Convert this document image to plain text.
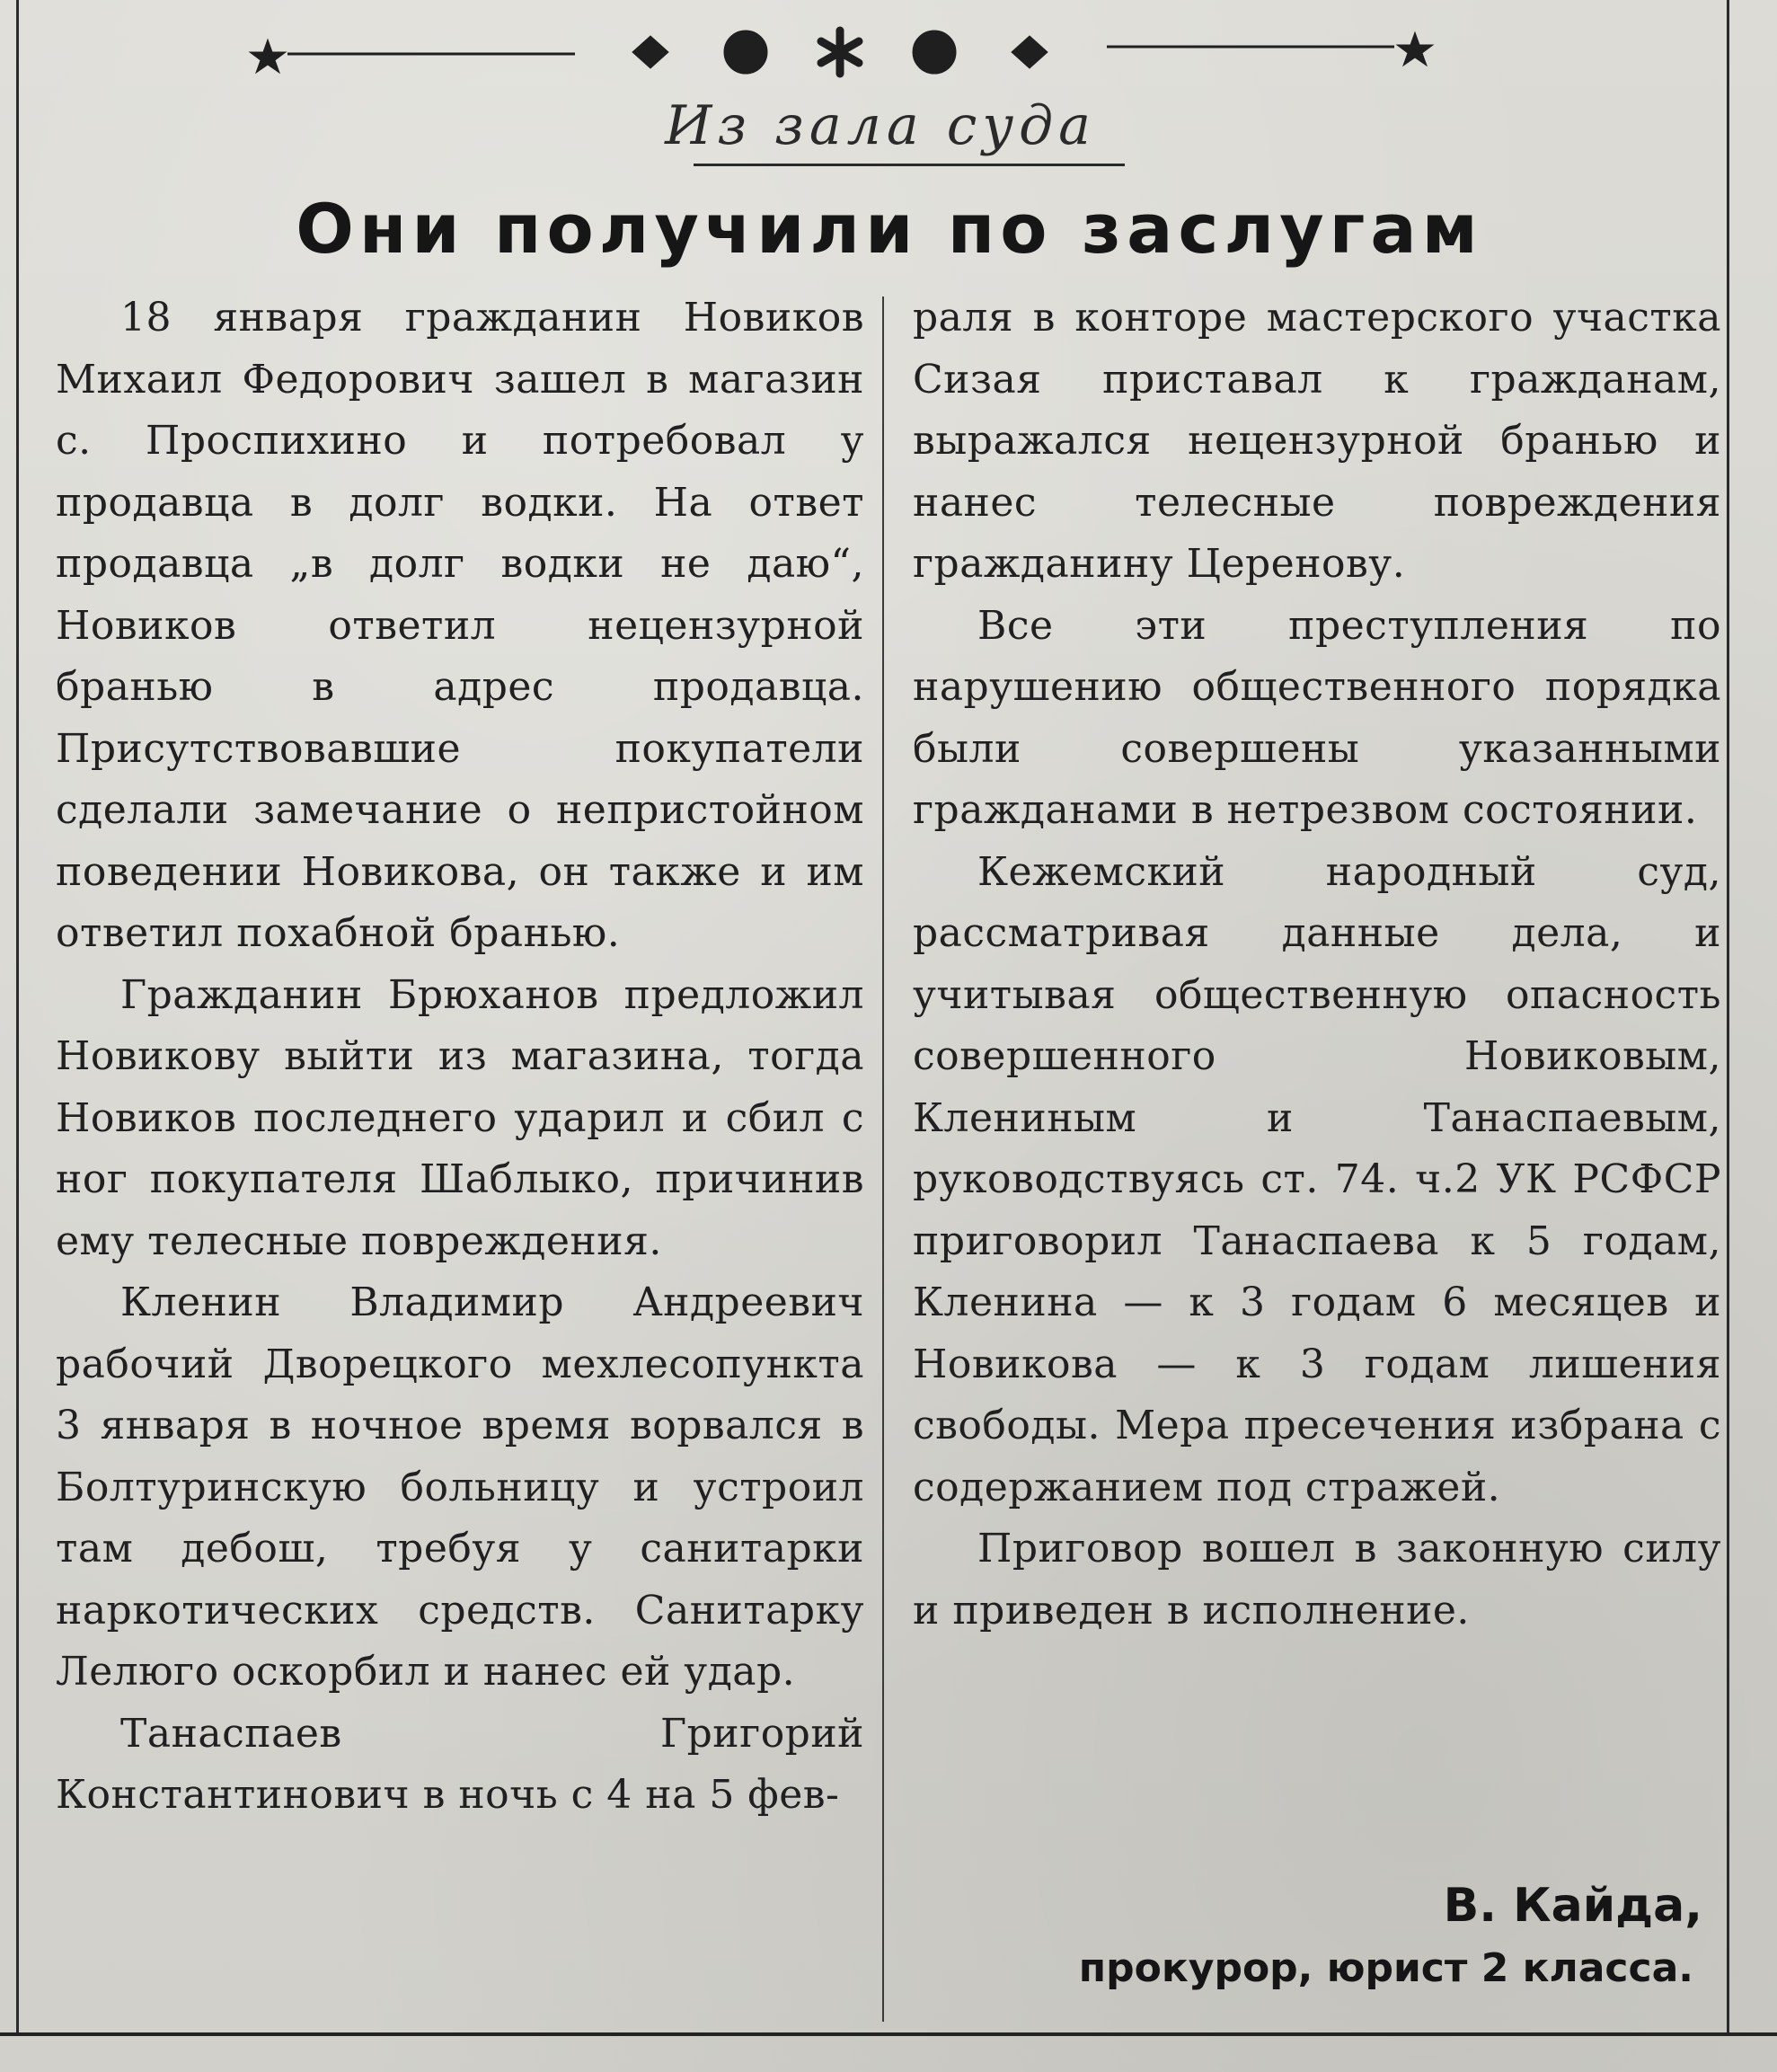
Из зала суда
Они получили по заслугам

18 января гражданин Новиков Михаил Федорович зашел в магазин с. Проспихино и потребовал у продавца в долг водки. На ответ продавца „в долг водки не даю“, Новиков ответил нецензурной бранью в адрес продавца. Присутствовавшие покупатели сделали замечание о непристойном поведении Новикова, он также и им ответил похабной бранью.

Гражданин Брюханов предложил Новикову выйти из магазина, тогда Новиков последнего ударил и сбил с ног покупателя Шаблыко, причинив ему телесные повреждения.

Кленин Владимир Андреевич рабочий Дворецкого мехлесопункта 3 января в ночное время ворвался в Болтуринскую больницу и устроил там дебош, требуя у санитарки наркотических средств. Санитарку Лелюго оскорбил и нанес ей удар.

Танаспаев Григорий Константинович в ночь с 4 на 5 фев-

раля в конторе мастерского участка Сизая приставал к гражданам, выражался нецензурной бранью и нанес телесные повреждения гражданину Церенову.

Все эти преступления по нарушению общественного порядка были совершены указанными гражданами в нетрезвом состоянии.

Кежемский народный суд, рассматривая данные дела, и учитывая общественную опасность совершенного Новиковым, Клениным и Танаспаевым, руководствуясь ст. 74. ч.2 УК РСФСР приговорил Танаспаева к 5 годам, Кленина — к 3 годам 6 месяцев и Новикова — к 3 годам лишения свободы. Мера пресечения избрана с содержанием под стражей.

Приговор вошел в законную силу и приведен в исполнение.

В. Кайда,
прокурор, юрист 2 класса.
